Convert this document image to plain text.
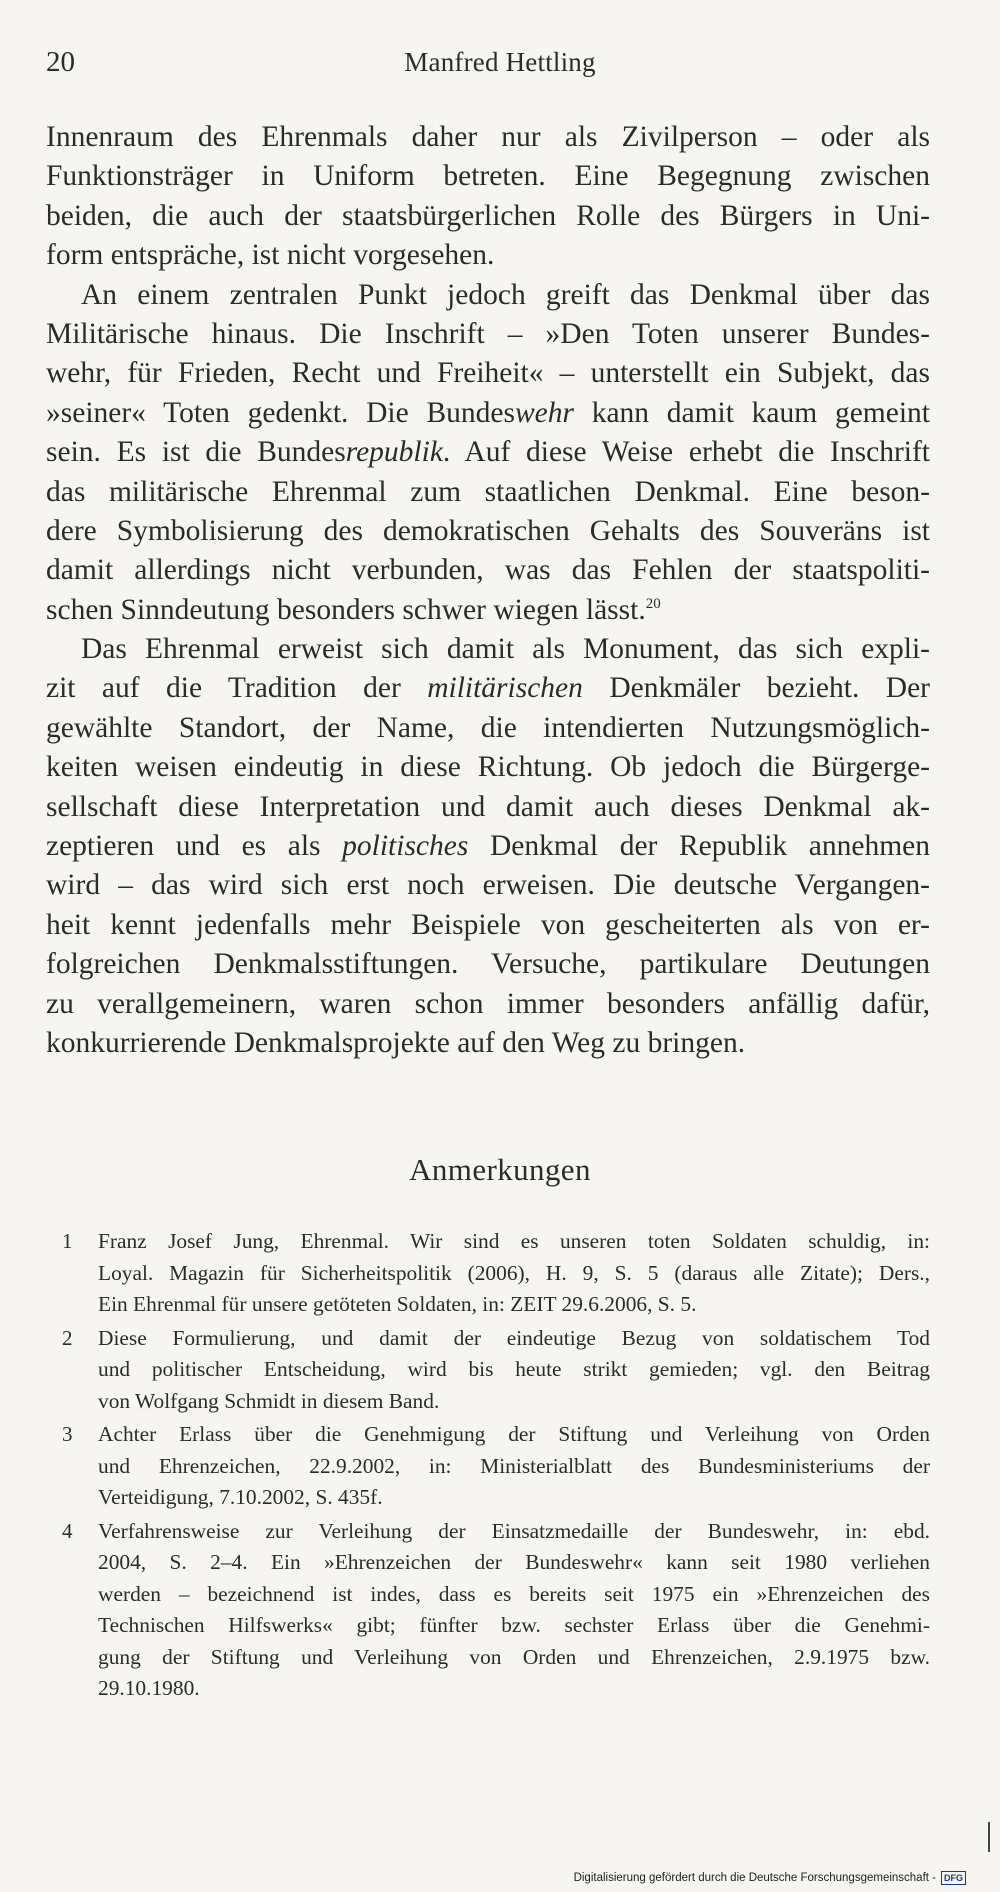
20	Manfred Hettling
Innenraum des Ehrenmals daher nur als Zivilperson – oder als
Funktionsträger in Uniform betreten. Eine Begegnung zwischen
beiden, die auch der staatsbürgerlichen Rolle des Bürgers in Uni-
form entspräche, ist nicht vorgesehen.
An einem zentralen Punkt jedoch greift das Denkmal über das
Militärische hinaus. Die Inschrift – »Den Toten unserer Bundes-
wehr, für Frieden, Recht und Freiheit« – unterstellt ein Subjekt, das
»seiner« Toten gedenkt. Die Bundeswehr kann damit kaum gemeint
sein. Es ist die Bundesrepublik. Auf diese Weise erhebt die Inschrift
das militärische Ehrenmal zum staatlichen Denkmal. Eine beson-
dere Symbolisierung des demokratischen Gehalts des Souveräns ist
damit allerdings nicht verbunden, was das Fehlen der staatspoliti-
schen Sinndeutung besonders schwer wiegen lässt.$^{20}$
Das Ehrenmal erweist sich damit als Monument, das sich expli-
zit auf die Tradition der militärischen Denkmäler bezieht. Der
gewählte Standort, der Name, die intendierten Nutzungsmöglich-
keiten weisen eindeutig in diese Richtung. Ob jedoch die Bürgerge-
sellschaft diese Interpretation und damit auch dieses Denkmal ak-
zeptieren und es als politisches Denkmal der Republik annehmen
wird – das wird sich erst noch erweisen. Die deutsche Vergangen-
heit kennt jedenfalls mehr Beispiele von gescheiterten als von er-
folgreichen Denkmalsstiftungen. Versuche, partikulare Deutungen
zu verallgemeinern, waren schon immer besonders anfällig dafür,
konkurrierende Denkmalsprojekte auf den Weg zu bringen.
Anmerkungen
1 Franz Josef Jung, Ehrenmal. Wir sind es unseren toten Soldaten schuldig, in:
Loyal. Magazin für Sicherheitspolitik (2006), H. 9, S. 5 (daraus alle Zitate); Ders.,
Ein Ehrenmal für unsere getöteten Soldaten, in: ZEIT 29.6.2006, S. 5.
2 Diese Formulierung, und damit der eindeutige Bezug von soldatischem Tod
und politischer Entscheidung, wird bis heute strikt gemieden; vgl. den Beitrag
von Wolfgang Schmidt in diesem Band.
3 Achter Erlass über die Genehmigung der Stiftung und Verleihung von Orden
und Ehrenzeichen, 22.9.2002, in: Ministerialblatt des Bundesministeriums der
Verteidigung, 7.10.2002, S. 435f.
4 Verfahrensweise zur Verleihung der Einsatzmedaille der Bundeswehr, in: ebd.
2004, S. 2–4. Ein »Ehrenzeichen der Bundeswehr« kann seit 1980 verliehen
werden – bezeichnend ist indes, dass es bereits seit 1975 ein »Ehrenzeichen des
Technischen Hilfswerks« gibt; fünfter bzw. sechster Erlass über die Genehmi-
gung der Stiftung und Verleihung von Orden und Ehrenzeichen, 2.9.1975 bzw.
29.10.1980.
Digitalisierung gefördert durch die Deutsche Forschungsgemeinschaft - DFG
